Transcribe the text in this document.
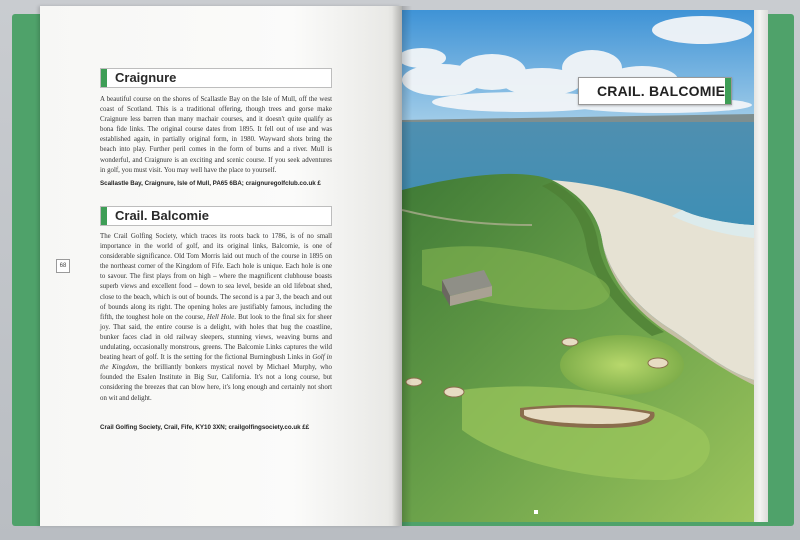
Craignure

A beautiful course on the shores of Scallastle Bay on the Isle of Mull, off the west coast of Scotland. This is a traditional offering, though trees and gorse make Craignure less barren than many machair courses, and it doesn't quite qualify as bona fide links. The original course dates from 1895. It fell out of use and was established again, in partially original form, in 1980. Wayward shots bring the beach into play. Further peril comes in the form of burns and a river. Mull is wonderful, and Craignure is an exciting and scenic course. If you seek adventures in golf, you must visit. You may well have the place to yourself.

Scallastle Bay, Craignure, Isle of Mull, PA65 6BA; craignuregolfclub.co.uk £
Crail. Balcomie

The Crail Golfing Society, which traces its roots back to 1786, is of no small importance in the world of golf, and its original links, Balcomie, is one of considerable significance. Old Tom Morris laid out much of the course in 1895 on the northeast corner of the Kingdom of Fife. Each hole is unique. Each hole is one to savour. The first plays from on high – where the magnificent clubhouse boasts superb views and excellent food – down to sea level, beside an old lifeboat shed, close to the beach, which is out of bounds. The second is a par 3, the beach and out of bounds along its right. The opening holes are justifiably famous, including the fifth, the toughest hole on the course, Hell Hole. But look to the final six for sheer joy. That said, the entire course is a delight, with holes that hug the coastline, bunker faces clad in old railway sleepers, stunning views, weaving burns and undulating, occasionally monstrous, greens. The Balcomie Links captures the wild beating heart of golf. It is the setting for the fictional Burningbush Links in Golf in the Kingdom, the brilliantly bonkers mystical novel by Michael Murphy, who founded the Esalen Institute in Big Sur, California. It's not a long course, but considering the breezes that can blow here, it's long enough and certainly not short on wit and delight.

Crail Golfing Society, Crail, Fife, KY10 3XN; crailgolfingsociety.co.uk ££
68
CRAIL. BALCOMIE
